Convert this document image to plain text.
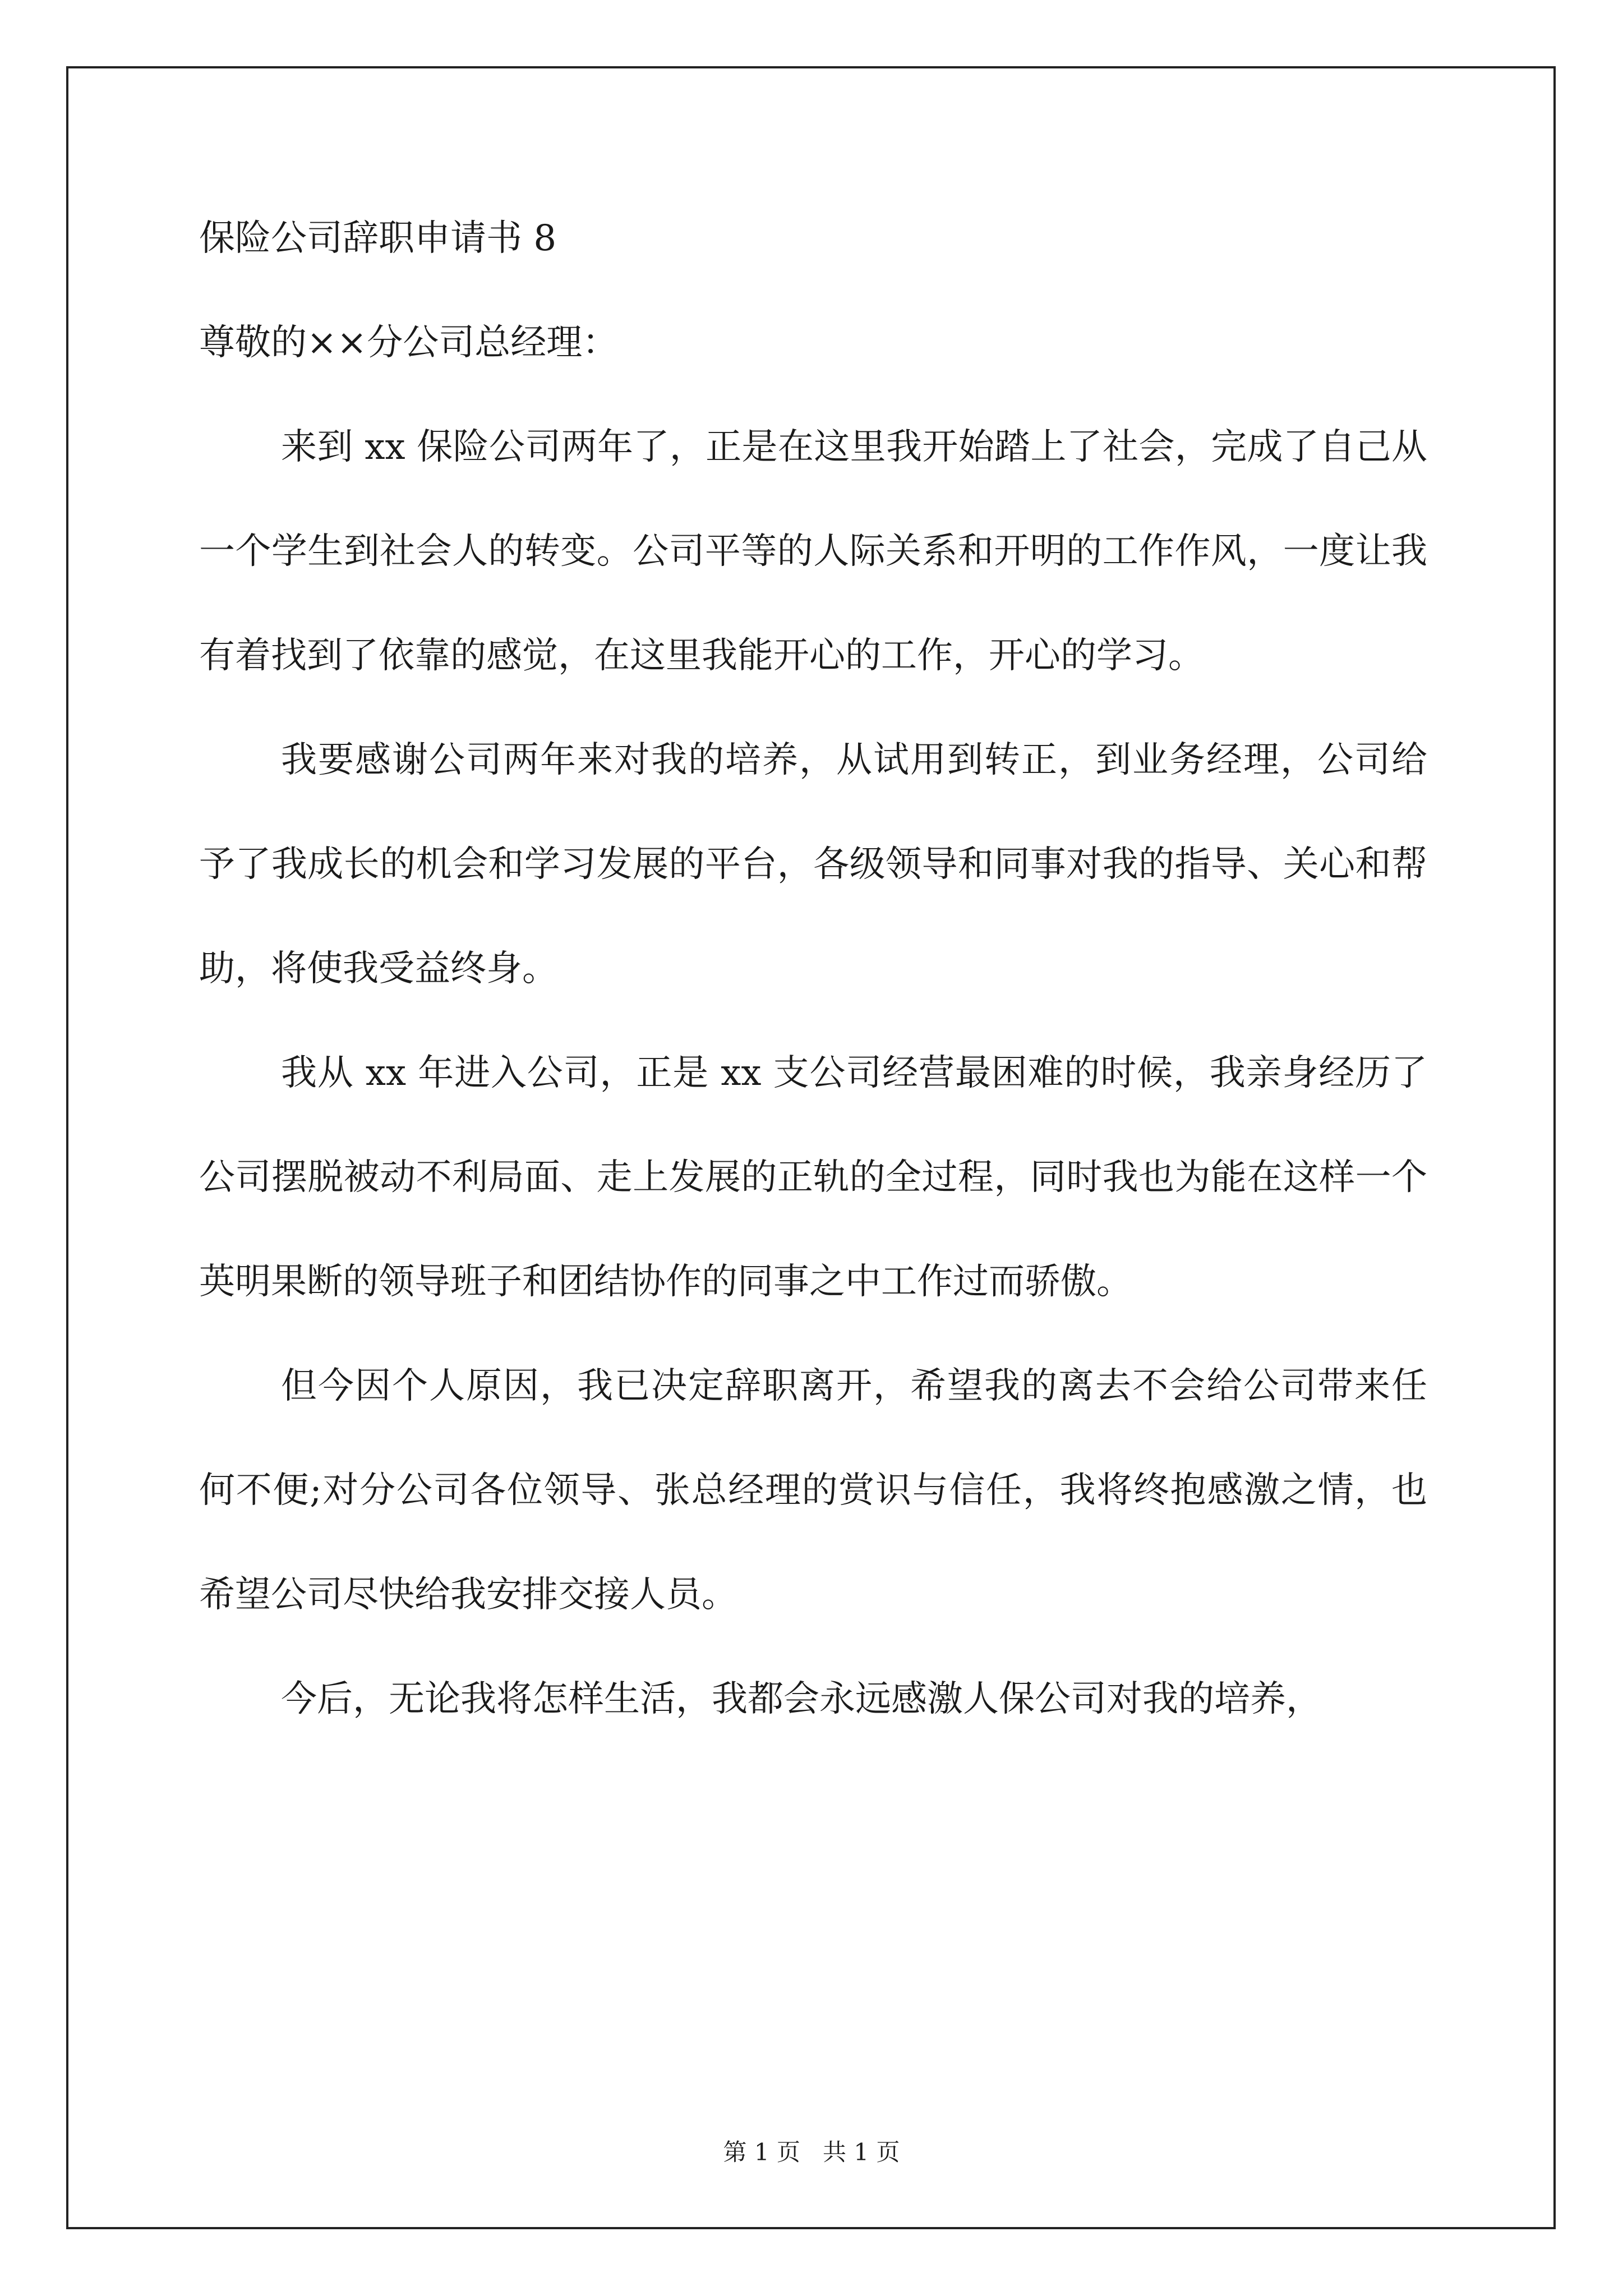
保险公司辞职申请书 8
尊敬的××分公司总经理：

来到 xx 保险公司两年了，正是在这里我开始踏上了社会，完成了自己从一个学生到社会人的转变。公司平等的人际关系和开明的工作作风，一度让我有着找到了依靠的感觉，在这里我能开心的工作，开心的学习。

我要感谢公司两年来对我的培养，从试用到转正，到业务经理，公司给予了我成长的机会和学习发展的平台，各级领导和同事对我的指导、关心和帮助，将使我受益终身。

我从 xx 年进入公司，正是 xx 支公司经营最困难的时候，我亲身经历了公司摆脱被动不利局面、走上发展的正轨的全过程，同时我也为能在这样一个英明果断的领导班子和团结协作的同事之中工作过而骄傲。

但今因个人原因，我已决定辞职离开，希望我的离去不会给公司带来任何不便;对分公司各位领导、张总经理的赏识与信任，我将终抱感激之情，也希望公司尽快给我安排交接人员。

今后，无论我将怎样生活，我都会永远感激人保公司对我的培养，

第 1 页   共 1 页
